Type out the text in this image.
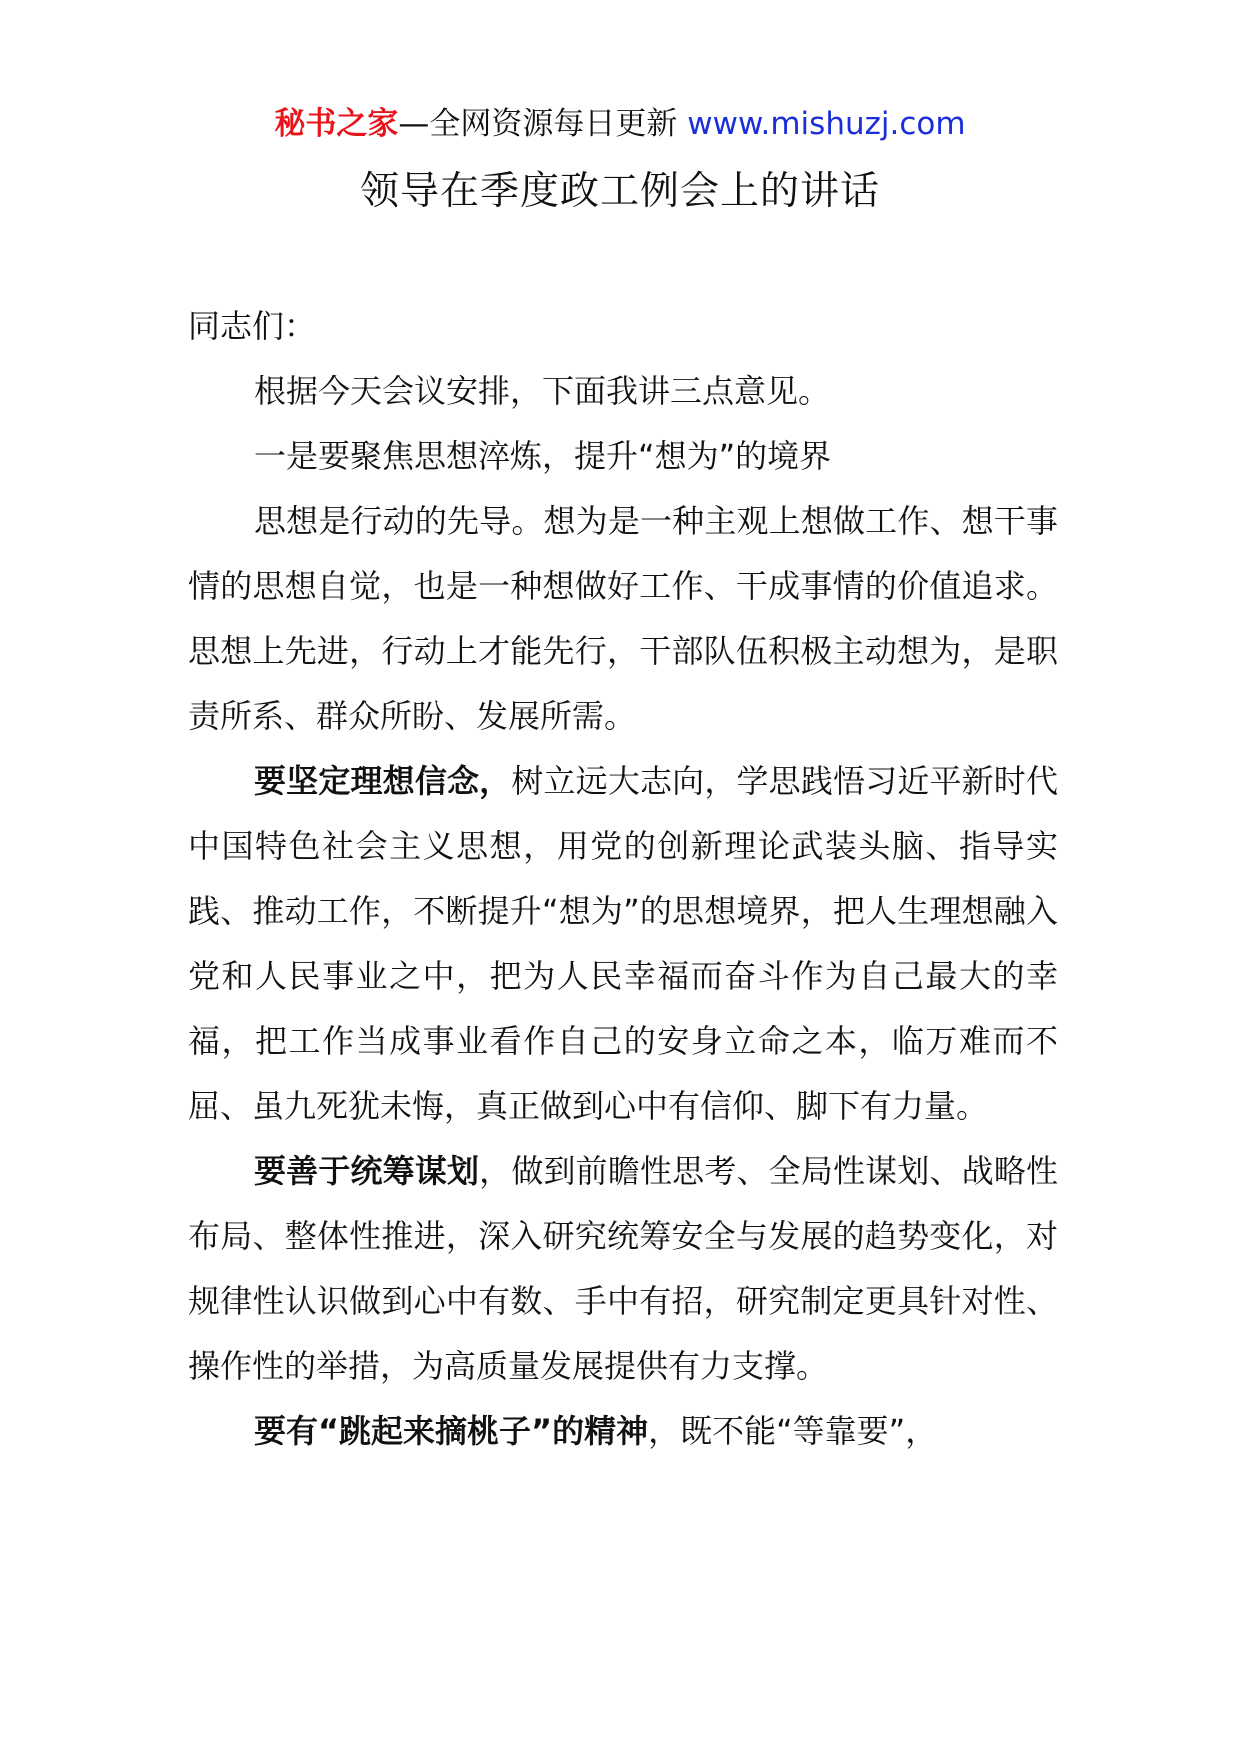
秘书之家—全网资源每日更新 www.mishuzj.com
领导在季度政工例会上的讲话

同志们：

根据今天会议安排，下面我讲三点意见。

一是要聚焦思想淬炼，提升“想为”的境界

思想是行动的先导。想为是一种主观上想做工作、想干事情的思想自觉，也是一种想做好工作、干成事情的价值追求。思想上先进，行动上才能先行，干部队伍积极主动想为，是职责所系、群众所盼、发展所需。

要坚定理想信念，树立远大志向，学思践悟习近平新时代中国特色社会主义思想，用党的创新理论武装头脑、指导实践、推动工作，不断提升“想为”的思想境界，把人生理想融入党和人民事业之中，把为人民幸福而奋斗作为自己最大的幸福，把工作当成事业看作自己的安身立命之本，临万难而不屈、虽九死犹未悔，真正做到心中有信仰、脚下有力量。

要善于统筹谋划，做到前瞻性思考、全局性谋划、战略性布局、整体性推进，深入研究统筹安全与发展的趋势变化，对规律性认识做到心中有数、手中有招，研究制定更具针对性、操作性的举措，为高质量发展提供有力支撑。

要有“跳起来摘桃子”的精神，既不能“等靠要”，
